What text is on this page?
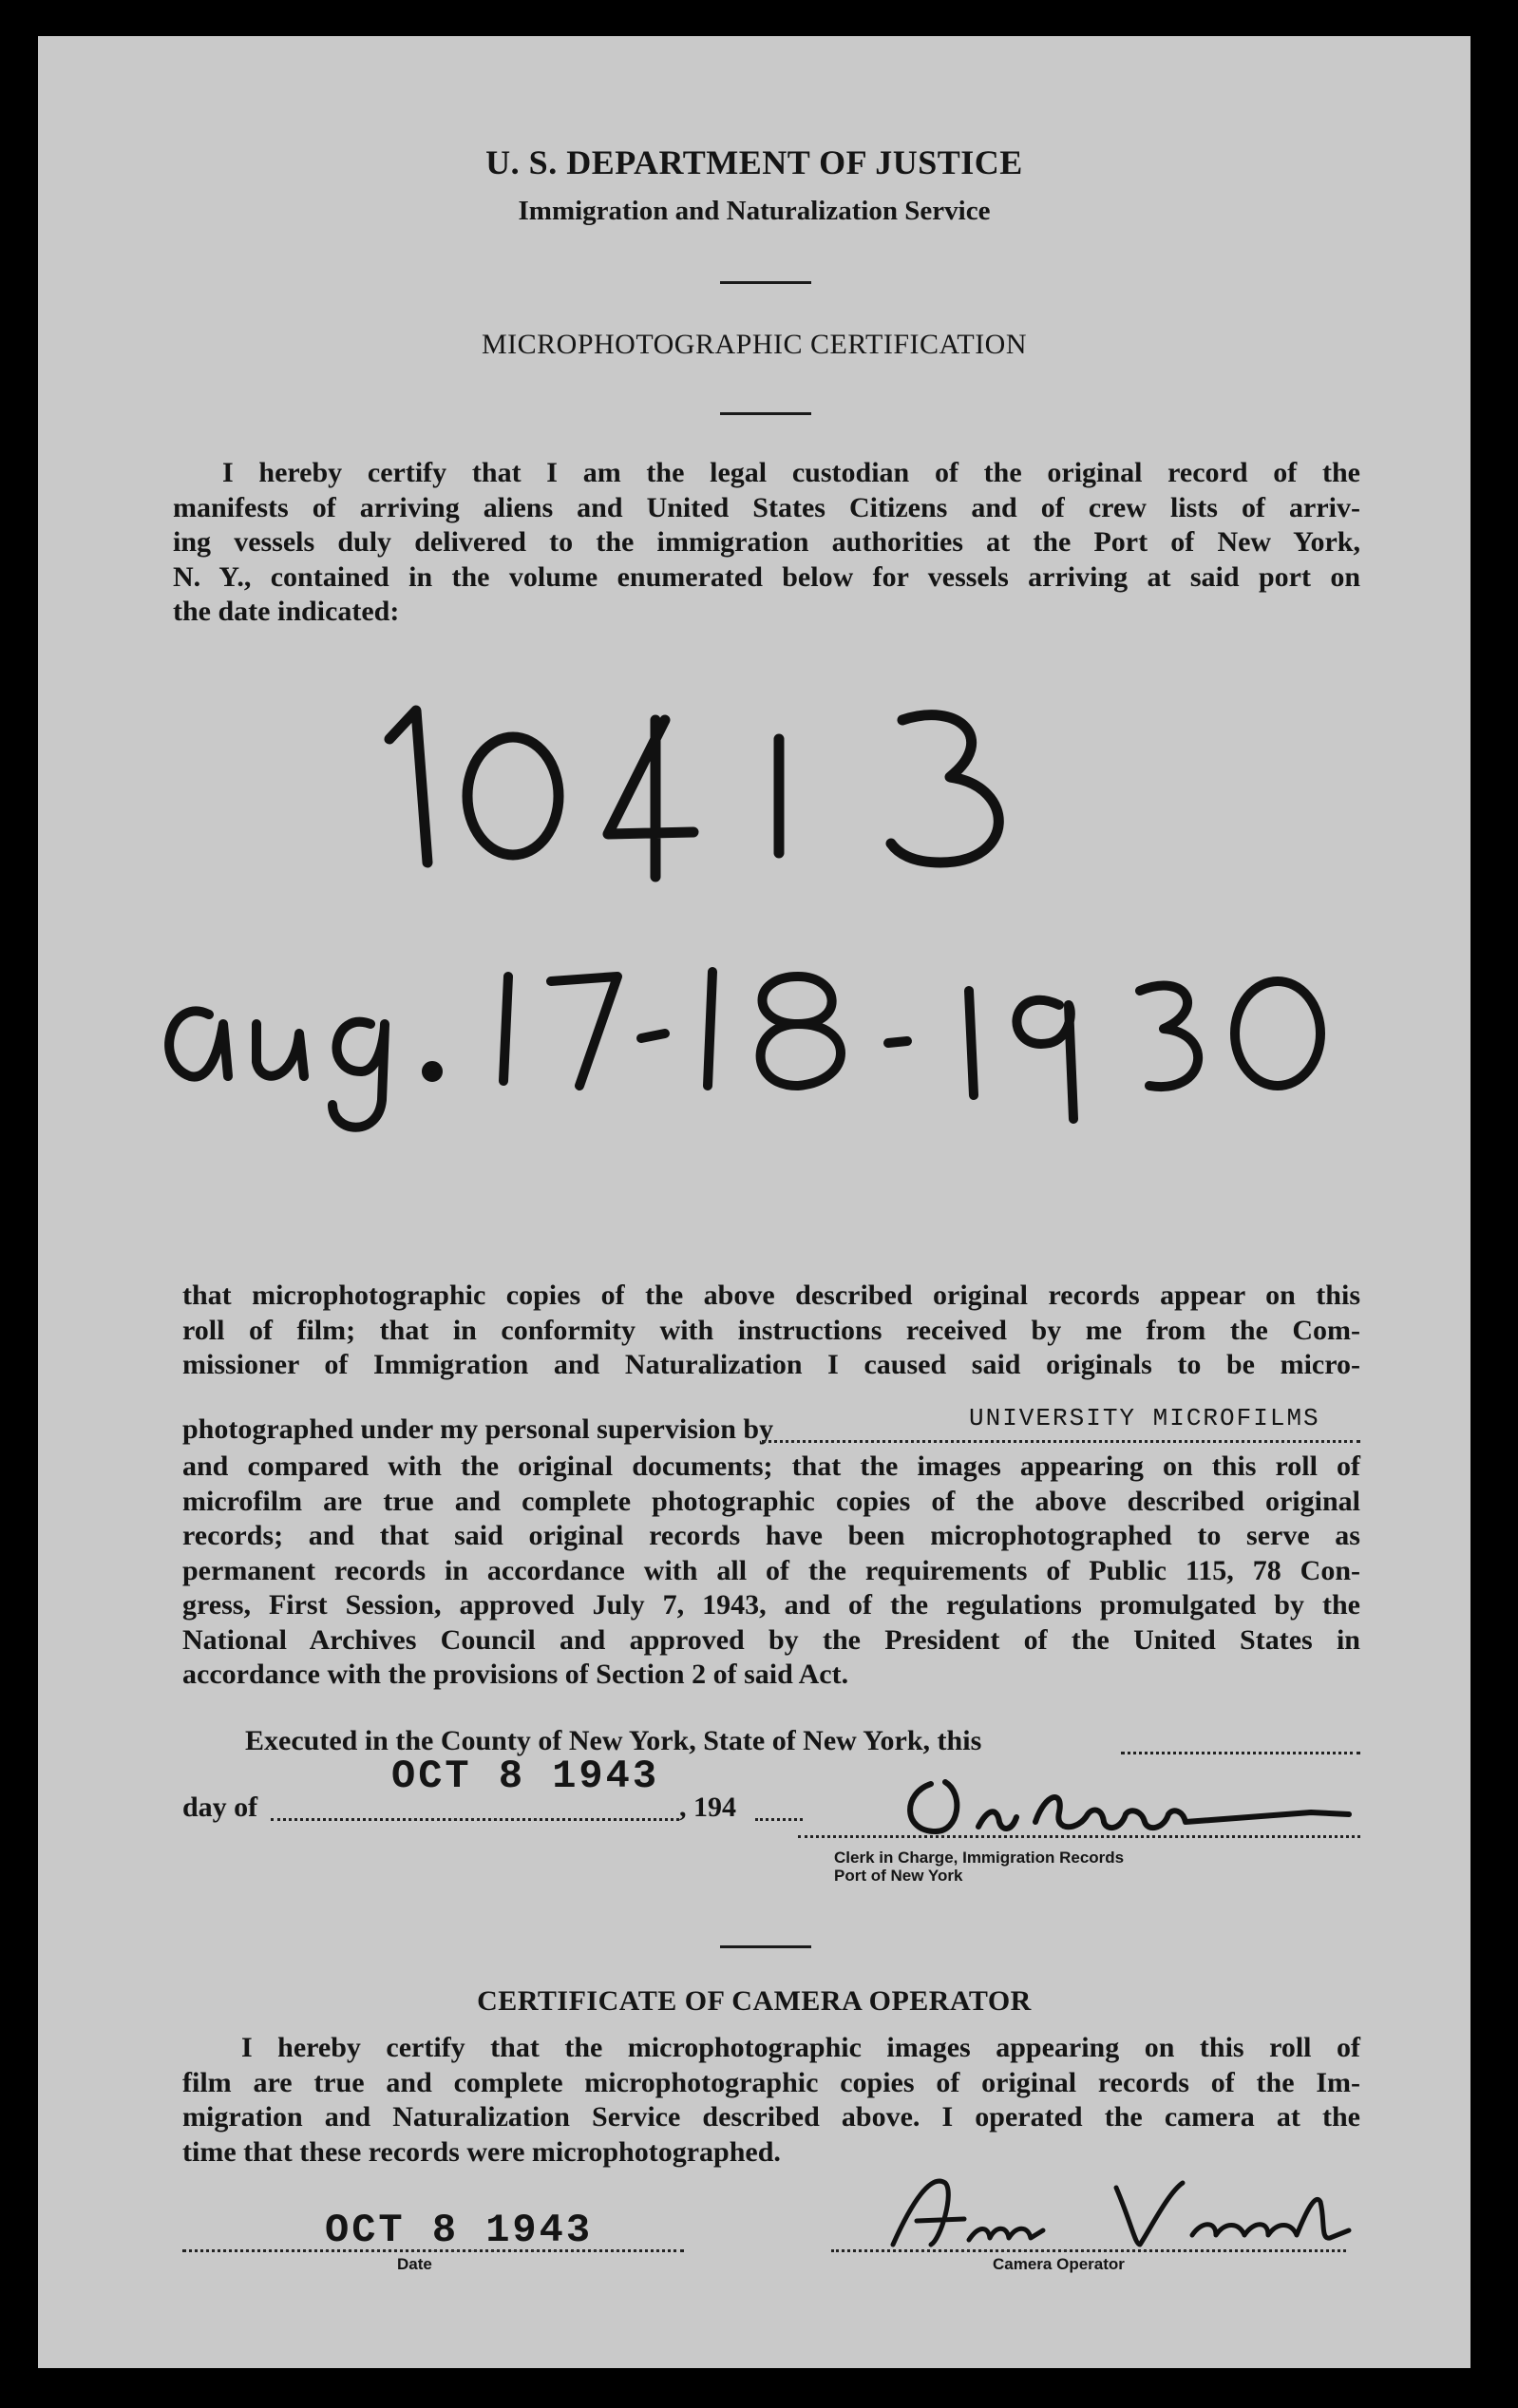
U. S. DEPARTMENT OF JUSTICE
Immigration and Naturalization Service
MICROPHOTOGRAPHIC CERTIFICATION
I hereby certify that I am the legal custodian of the original record of the
manifests of arriving aliens and United States Citizens and of crew lists of arriv-
ing vessels duly delivered to the immigration authorities at the Port of New York,
N. Y., contained in the volume enumerated below for vessels arriving at said port on
the date indicated:
that microphotographic copies of the above described original records appear on this
roll of film; that in conformity with instructions received by me from the Com-
missioner of Immigration and Naturalization I caused said originals to be micro-
photographed under my personal supervision by	UNIVERSITY MICROFILMS
and compared with the original documents; that the images appearing on this roll of
microfilm are true and complete photographic copies of the above described original
records; and that said original records have been microphotographed to serve as
permanent records in accordance with all of the requirements of Public 115, 78 Con-
gress, First Session, approved July 7, 1943, and of the regulations promulgated by the
National Archives Council and approved by the President of the United States in
accordance with the provisions of Section 2 of said Act.
Executed in the County of New York, State of New York, this
day of
OCT 8 1943
, 194
Clerk in Charge, Immigration Records
Port of New York
CERTIFICATE OF CAMERA OPERATOR
I hereby certify that the microphotographic images appearing on this roll of
film are true and complete microphotographic copies of original records of the Im-
migration and Naturalization Service described above. I operated the camera at the
time that these records were microphotographed.
OCT 8 1943
Date	Camera Operator
